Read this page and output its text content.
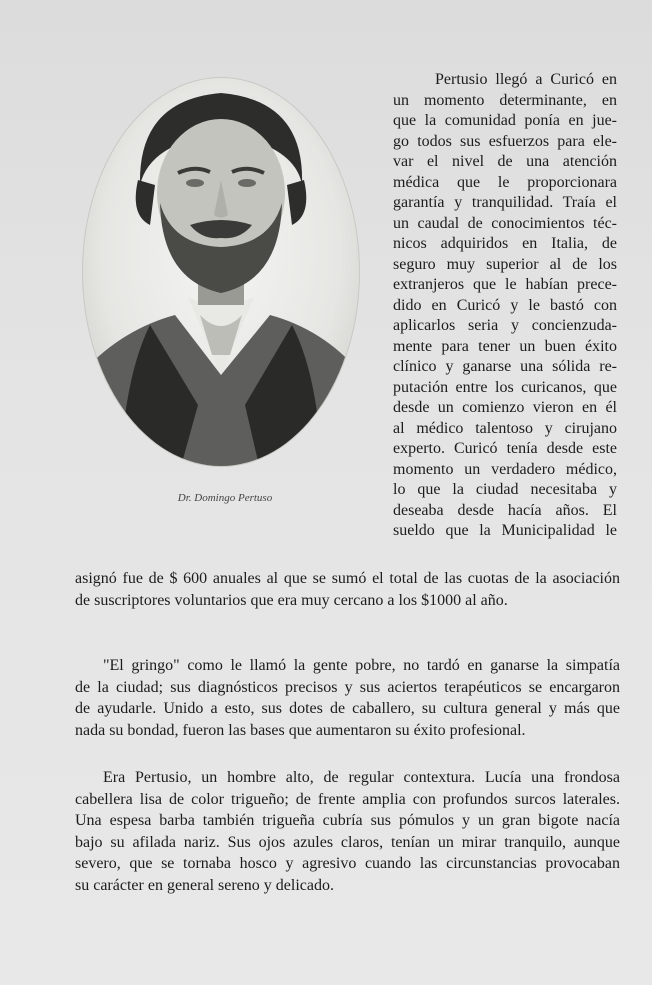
Dr. Domingo Pertuso
Pertusio llegó a Curicó en
un momento determinante, en
que la comunidad ponía en jue-
go todos sus esfuerzos para ele-
var el nivel de una atención
médica que le proporcionara
garantía y tranquilidad. Traía el
un caudal de conocimientos téc-
nicos adquiridos en Italia, de
seguro muy superior al de los
extranjeros que le habían prece-
dido en Curicó y le bastó con
aplicarlos seria y concienzuda-
mente para tener un buen éxito
clínico y ganarse una sólida re-
putación entre los curicanos, que
desde un comienzo vieron en él
al médico talentoso y cirujano
experto. Curicó tenía desde este
momento un verdadero médico,
lo que la ciudad necesitaba y
deseaba desde hacía años. El
sueldo que la Municipalidad le
asignó fue de $ 600 anuales al que se sumó el total de las cuotas de la asociación
de suscriptores voluntarios que era muy cercano a los $1000 al año.
"El gringo" como le llamó la gente pobre, no tardó en ganarse la simpatía
de la ciudad; sus diagnósticos precisos y sus aciertos terapéuticos se encargaron
de ayudarle. Unido a esto, sus dotes de caballero, su cultura general y más que
nada su bondad, fueron las bases que aumentaron su éxito profesional.
Era Pertusio, un hombre alto, de regular contextura. Lucía una frondosa
cabellera lisa de color trigueño; de frente amplia con profundos surcos laterales.
Una espesa barba también trigueña cubría sus pómulos y un gran bigote nacía
bajo su afilada nariz. Sus ojos azules claros, tenían un mirar tranquilo, aunque
severo, que se tornaba hosco y agresivo cuando las circunstancias provocaban
su carácter en general sereno y delicado.
